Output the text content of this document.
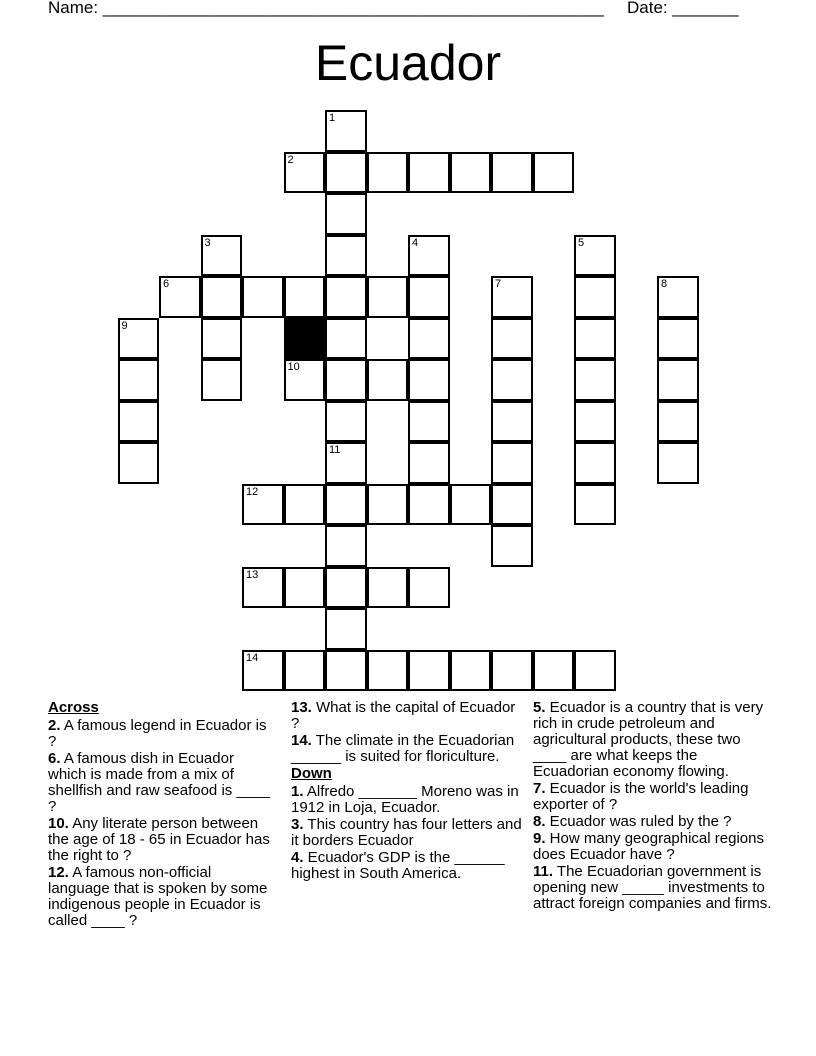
Name: _____________________________________________________ Date: _______
Ecuador
1
11
2
3	4	5
6	7	8
9
10
12
13
14
Across
2. A famous legend in Ecuador is ?
6. A famous dish in Ecuador which is made from a mix of shellfish and raw seafood is ____ ?
10. Any literate person between the age of 18 - 65 in Ecuador has the right to ?
12. A famous non-official language that is spoken by some indigenous people in Ecuador is called ____ ?
13. What is the capital of Ecuador ?
14. The climate in the Ecuadorian ______ is suited for floriculture.
Down
1. Alfredo _______ Moreno was in 1912 in Loja, Ecuador.
3. This country has four letters and it borders Ecuador
4. Ecuador's GDP is the ______ highest in South America.
5. Ecuador is a country that is very rich in crude petroleum and agricultural products, these two ____ are what keeps the Ecuadorian economy flowing.
7. Ecuador is the world's leading exporter of ?
8. Ecuador was ruled by the ?
9. How many geographical regions does Ecuador have ?
11. The Ecuadorian government is opening new _____ investments to attract foreign companies and firms.
